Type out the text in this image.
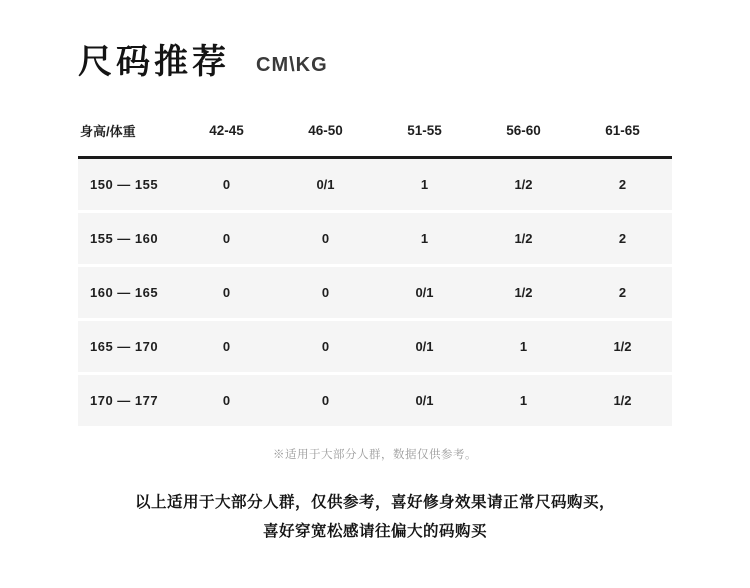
尺码推荐 CM\KG
身高/体重	42-45	46-50	51-55	56-60	61-65
150 — 155	0	0/1	1	1/2	2
155 — 160	0	0	1	1/2	2
160 — 165	0	0	0/1	1/2	2
165 — 170	0	0	0/1	1	1/2
170 — 177	0	0	0/1	1	1/2
※适用于大部分人群，数据仅供参考。
以上适用于大部分人群，仅供参考，喜好修身效果请正常尺码购买，
喜好穿宽松感请往偏大的码购买
